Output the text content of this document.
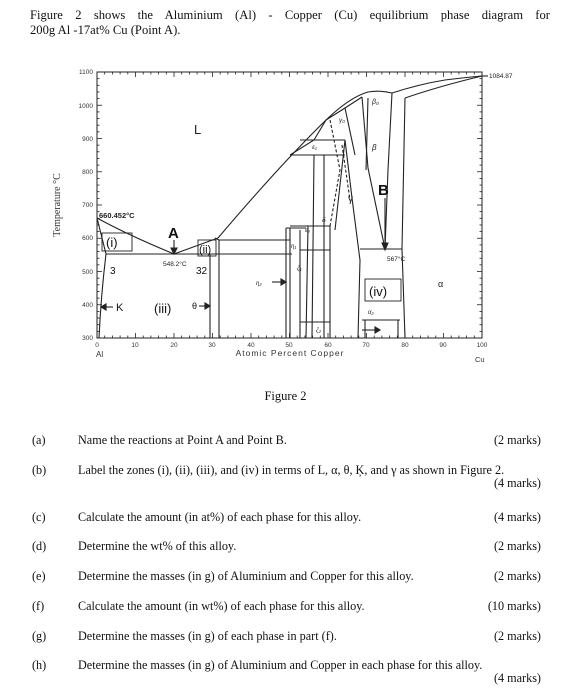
Figure 2 shows the Aluminium (Al) - Copper (Cu) equilibrium phase diagram for
200g Al -17at% Cu (Point A).
1100
1000
900
800
700
600
500
400
300
0	10	20	30	40	50	60	70	80	90	100
Temperature °C
Atomic Percent Copper
Al
Cu
1084.87
660.452°C
548.2°C
567°C
A
B
3	32
L
γ
β
β₀
γ₀
ε₁
ε₂
δ
η₁
η₂
ζ₁
ζ₂
α₂
α
K	θ
(i)	(ii)
(iii)
(iv)
Figure 2
(a)	Name the reactions at Point A and Point B.	(2 marks)
(b)	Label the zones (i), (ii), (iii), and (iv) in terms of L, α, θ, Ķ, and γ as shown in Figure 2.
(4 marks)
(c)	Calculate the amount (in at%) of each phase for this alloy.	(4 marks)
(d)	Determine the wt% of this alloy.	(2 marks)
(e)	Determine the masses (in g) of Aluminium and Copper for this alloy.	(2 marks)
(f)	Calculate the amount (in wt%) of each phase for this alloy.	(10 marks)
(g)	Determine the masses (in g) of each phase in part (f).	(2 marks)
(h)	Determine the masses (in g) of Aluminium and Copper in each phase for this alloy.
(4 marks)
